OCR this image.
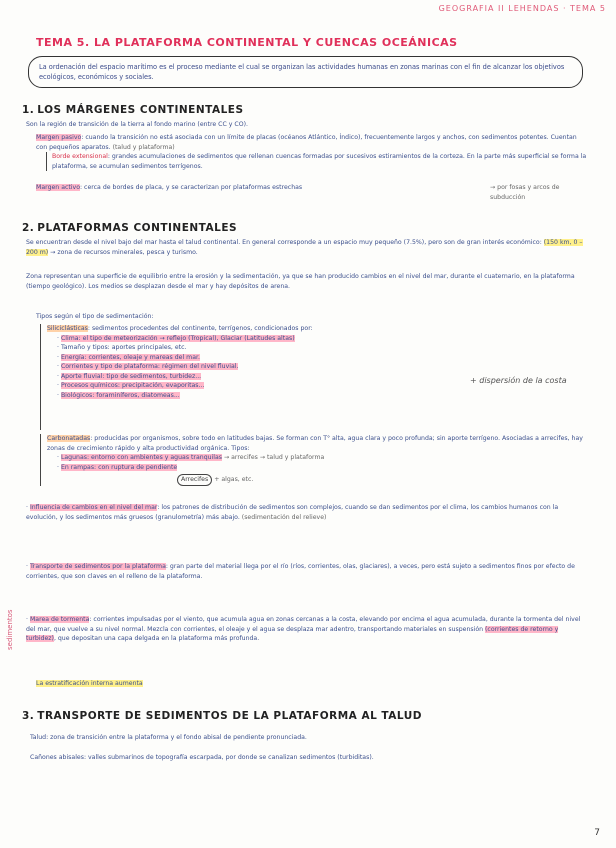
GEOGRAFIA II LEHENDAS · TEMA 5
TEMA 5. LA PLATAFORMA CONTINENTAL Y CUENCAS OCEÁNICAS
La ordenación del espacio marítimo es el proceso mediante el cual se organizan las actividades humanas en zonas marinas con el fin de alcanzar los objetivos ecológicos, económicos y sociales.
1. LOS MÁRGENES CONTINENTALES
Son la región de transición de la tierra al fondo marino (entre CC y CO).
Margen pasivo: cuando la transición no está asociada con un límite de placas (océanos Atlántico, Índico), frecuentemente largos y anchos, con sedimentos potentes. Cuentan con pequeños aparatos. (talud y plataforma)
Borde extensional: grandes acumulaciones de sedimentos que rellenan cuencas formadas por sucesivos estiramientos de la corteza. En la parte más superficial se forma la plataforma, se acumulan sedimentos terrígenos.
Margen activo: cerca de bordes de placa, y se caracterizan por plataformas estrechas	→ por fosas y arcos de subducción
2. PLATAFORMAS CONTINENTALES
Se encuentran desde el nivel bajo del mar hasta el talud continental. En general corresponde a un espacio muy pequeño (7.5%), pero son de gran interés económico: (150 km, 0 – 200 m) → zona de recursos minerales, pesca y turismo.
Zona representan una superficie de equilibrio entre la erosión y la sedimentación, ya que se han producido cambios en el nivel del mar, durante el cuaternario, en la plataforma (tiempo geológico). Los medios se desplazan desde el mar y hay depósitos de arena.
Tipos según el tipo de sedimentación:
Siliciclásticas: sedimentos procedentes del continente, terrígenos, condicionados por:
· Clima: el tipo de meteorización → reflejo (Tropical), Glaciar (Latitudes altas)
· Tamaño y tipos: aportes principales, etc.
· Energía: corrientes, oleaje y mareas del mar.
· Corrientes y tipo de plataforma: régimen del nivel fluvial.
· Aporte fluvial: tipo de sedimentos, turbidez...
· Procesos químicos: precipitación, evaporitas...
· Biológicos: foraminíferos, diatomeas...
+ dispersión de la costa
Carbonatadas: producidas por organismos, sobre todo en latitudes bajas. Se forman con T° alta, agua clara y poco profunda; sin aporte terrígeno. Asociadas a arrecifes, hay zonas de crecimiento rápido y alta productividad orgánica. Tipos:
· Lagunas: entorno con ambientes y aguas tranquilas → arrecifes → talud y plataforma
· En rampas: con ruptura de pendiente
Arrecifes + algas, etc.
· Influencia de cambios en el nivel del mar: los patrones de distribución de sedimentos son complejos, cuando se dan sedimentos por el clima, los cambios humanos con la evolución, y los sedimentos más gruesos (granulometría) más abajo. (sedimentación del relieve)
· Transporte de sedimentos por la plataforma: gran parte del material llega por el río (ríos, corrientes, olas, glaciares), a veces, pero está sujeto a sedimentos finos por efecto de corrientes, que son claves en el relleno de la plataforma.
· Marea de tormenta: corrientes impulsadas por el viento, que acumula agua en zonas cercanas a la costa, elevando por encima el agua acumulada, durante la tormenta del nivel del mar, que vuelve a su nivel normal. Mezcla con corrientes, el oleaje y el agua se desplaza mar adentro, transportando materiales en suspensión (corrientes de retorno y turbidez), que depositan una capa delgada en la plataforma más profunda.
La estratificación interna aumenta
sedimentos
3. TRANSPORTE DE SEDIMENTOS DE LA PLATAFORMA AL TALUD
Talud: zona de transición entre la plataforma y el fondo abisal de pendiente pronunciada.
Cañones abisales: valles submarinos de topografía escarpada, por donde se canalizan sedimentos (turbiditas).
7
